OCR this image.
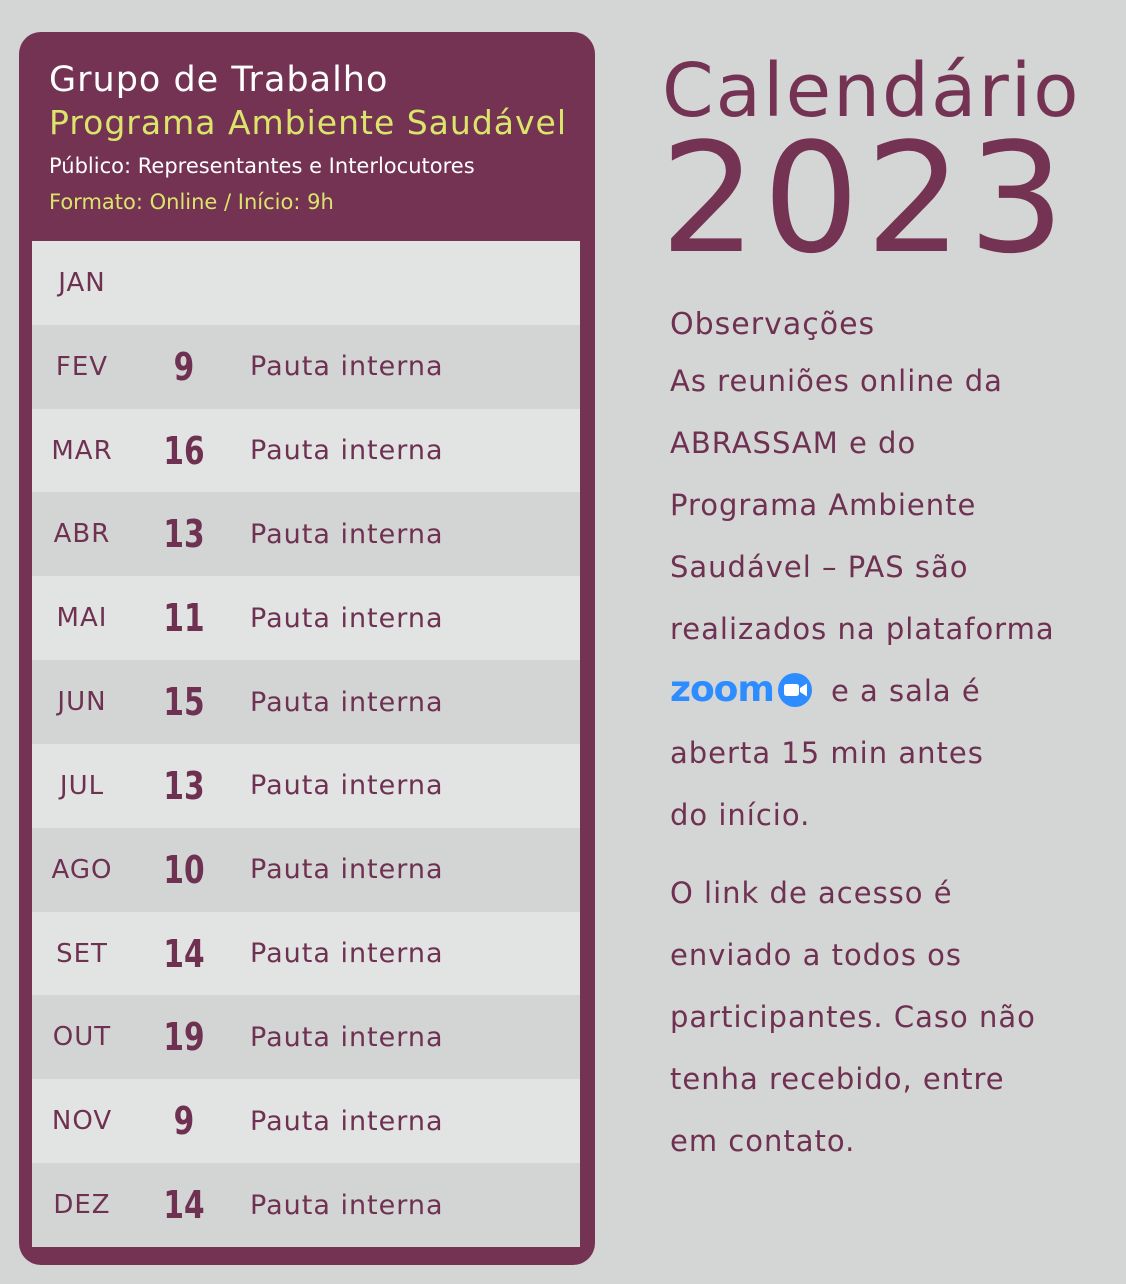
Grupo de Trabalho
Programa Ambiente Saudável
Público: Representantes e Interlocutores
Formato: Online / Início: 9h
JAN
FEV	9	Pauta interna
MAR	16	Pauta interna
ABR	13	Pauta interna
MAI	11	Pauta interna
JUN	15	Pauta interna
JUL	13	Pauta interna
AGO	10	Pauta interna
SET	14	Pauta interna
OUT	19	Pauta interna
NOV	9	Pauta interna
DEZ	14	Pauta interna
Calendário
2023
Observações
As reuniões online da
ABRASSAM e do
Programa Ambiente
Saudável – PAS são
realizados na plataforma
zoom e a sala é
aberta 15 min antes
do início.
O link de acesso é
enviado a todos os
participantes. Caso não
tenha recebido, entre
em contato.
